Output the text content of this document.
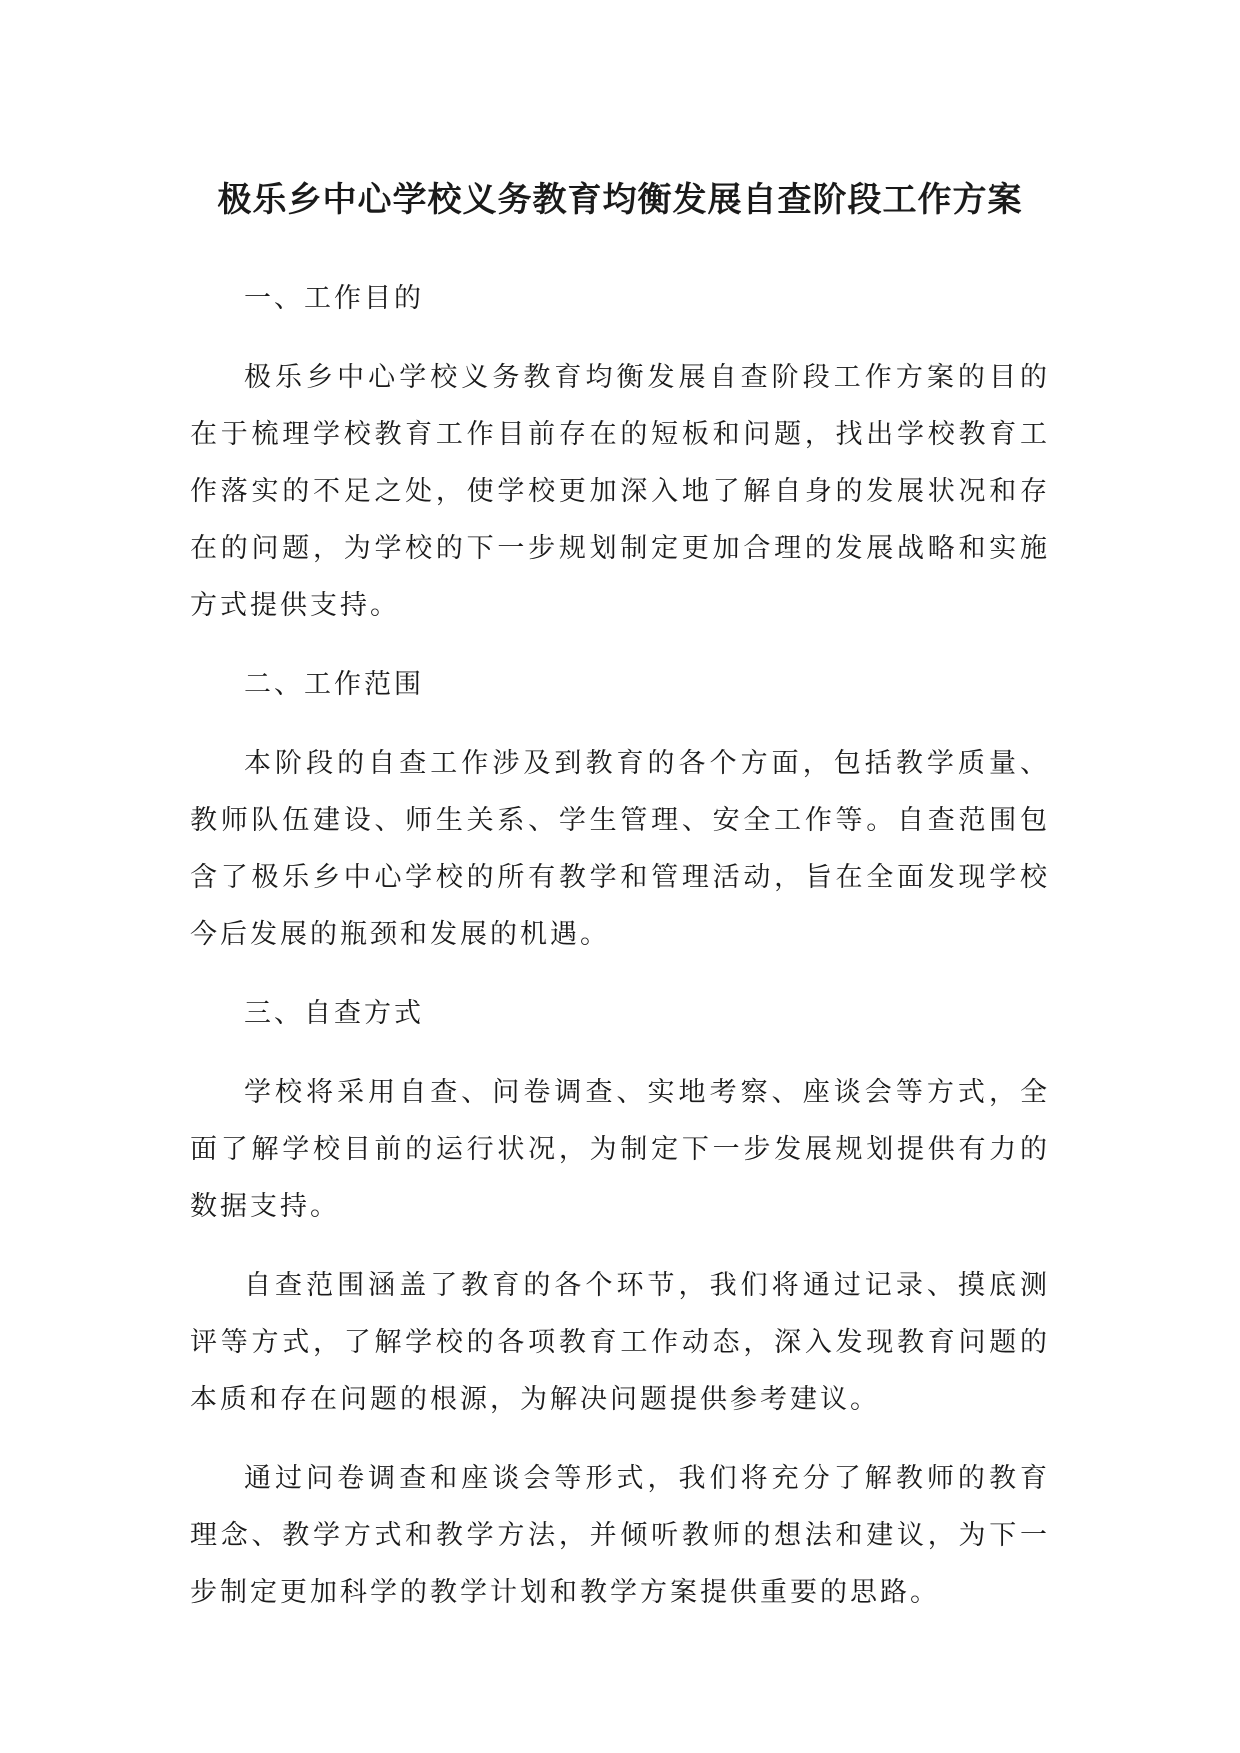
极乐乡中心学校义务教育均衡发展自查阶段工作方案

一、工作目的

极乐乡中心学校义务教育均衡发展自查阶段工作方案的目的在于梳理学校教育工作目前存在的短板和问题，找出学校教育工作落实的不足之处，使学校更加深入地了解自身的发展状况和存在的问题，为学校的下一步规划制定更加合理的发展战略和实施方式提供支持。

二、工作范围

本阶段的自查工作涉及到教育的各个方面，包括教学质量、教师队伍建设、师生关系、学生管理、安全工作等。自查范围包含了极乐乡中心学校的所有教学和管理活动，旨在全面发现学校今后发展的瓶颈和发展的机遇。

三、自查方式

学校将采用自查、问卷调查、实地考察、座谈会等方式，全面了解学校目前的运行状况，为制定下一步发展规划提供有力的数据支持。

自查范围涵盖了教育的各个环节，我们将通过记录、摸底测评等方式，了解学校的各项教育工作动态，深入发现教育问题的本质和存在问题的根源，为解决问题提供参考建议。

通过问卷调查和座谈会等形式，我们将充分了解教师的教育理念、教学方式和教学方法，并倾听教师的想法和建议，为下一步制定更加科学的教学计划和教学方案提供重要的思路。
